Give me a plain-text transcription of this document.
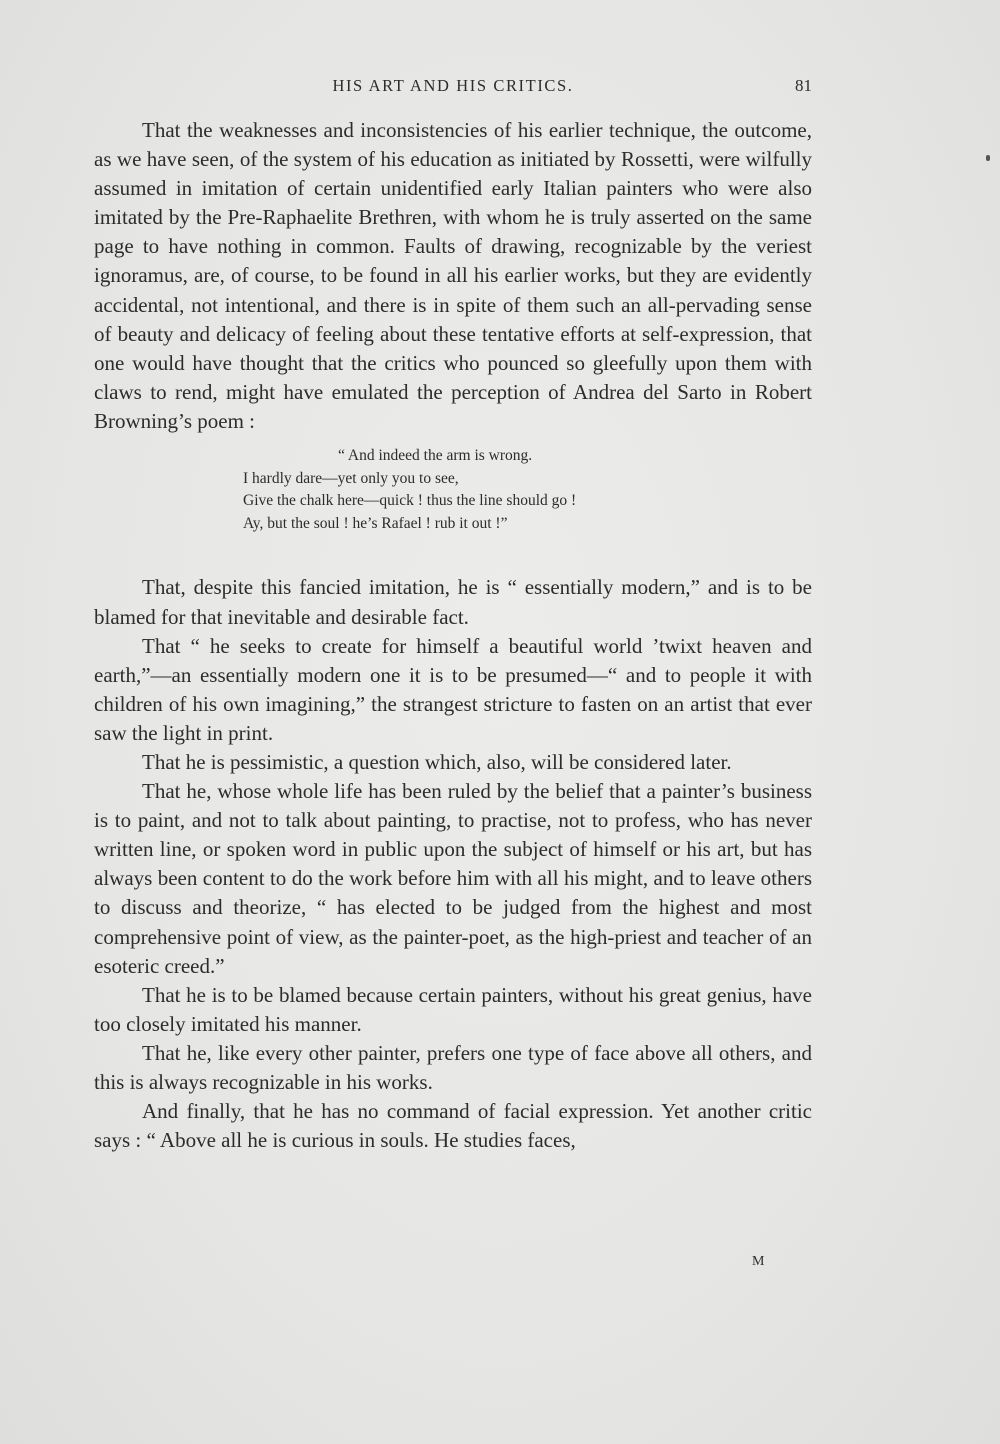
HIS ART AND HIS CRITICS.	81

That the weaknesses and inconsistencies of his earlier technique, the outcome, as we have seen, of the system of his education as initiated by Rossetti, were wilfully assumed in imitation of certain unidentified early Italian painters who were also imitated by the Pre-Raphaelite Brethren, with whom he is truly asserted on the same page to have nothing in common. Faults of drawing, recognizable by the veriest ignoramus, are, of course, to be found in all his earlier works, but they are evidently accidental, not intentional, and there is in spite of them such an all-pervading sense of beauty and delicacy of feeling about these tentative efforts at self-expression, that one would have thought that the critics who pounced so gleefully upon them with claws to rend, might have emulated the perception of Andrea del Sarto in Robert Browning’s poem :

“ And indeed the arm is wrong.
I hardly dare—yet only you to see,
Give the chalk here—quick ! thus the line should go !
Ay, but the soul ! he’s Rafael ! rub it out !”

That, despite this fancied imitation, he is “ essentially modern,” and is to be blamed for that inevitable and desirable fact.

That “ he seeks to create for himself a beautiful world ’twixt heaven and earth,”—an essentially modern one it is to be presumed—“ and to people it with children of his own imagining,” the strangest stricture to fasten on an artist that ever saw the light in print.

That he is pessimistic, a question which, also, will be considered later.

That he, whose whole life has been ruled by the belief that a painter’s business is to paint, and not to talk about painting, to practise, not to profess, who has never written line, or spoken word in public upon the subject of himself or his art, but has always been content to do the work before him with all his might, and to leave others to discuss and theorize, “ has elected to be judged from the highest and most comprehensive point of view, as the painter-poet, as the high-priest and teacher of an esoteric creed.”

That he is to be blamed because certain painters, without his great genius, have too closely imitated his manner.

That he, like every other painter, prefers one type of face above all others, and this is always recognizable in his works.

And finally, that he has no command of facial expression. Yet another critic says : “ Above all he is curious in souls. He studies faces,

M
